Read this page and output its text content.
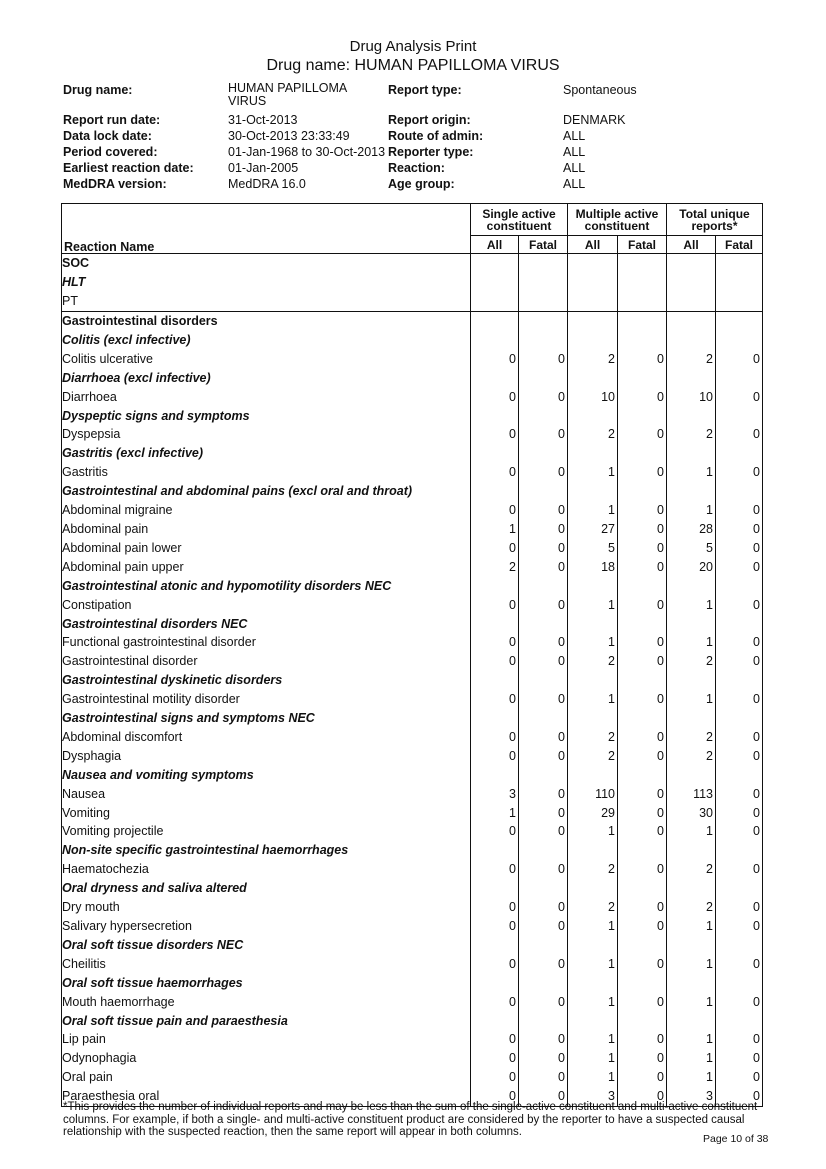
Drug Analysis Print
Drug name: HUMAN PAPILLOMA VIRUS
Drug name:	HUMAN PAPILLOMA VIRUS
Report type:	Spontaneous
Report run date:	31-Oct-2013	Report origin:	DENMARK
Data lock date:	30-Oct-2013 23:33:49	Route of admin:	ALL
Period covered:	01-Jan-1968 to 30-Oct-2013 Reporter type:	ALL
Earliest reaction date:	01-Jan-2005	Reaction:	ALL
MedDRA version:	MedDRA 16.0	Age group:	ALL
Reaction Name	Single active constituent		Multiple active constituent		Total unique reports*	
	All	Fatal	All	Fatal	All	Fatal
SOC						
HLT						
PT						
Gastrointestinal disorders						
Colitis (excl infective)						
Colitis ulcerative	0	0	2	0	2	0
Diarrhoea (excl infective)						
Diarrhoea	0	0	10	0	10	0
Dyspeptic signs and symptoms						
Dyspepsia	0	0	2	0	2	0
Gastritis (excl infective)						
Gastritis	0	0	1	0	1	0
Gastrointestinal and abdominal pains (excl oral and throat)						
Abdominal migraine	0	0	1	0	1	0
Abdominal pain	1	0	27	0	28	0
Abdominal pain lower	0	0	5	0	5	0
Abdominal pain upper	2	0	18	0	20	0
Gastrointestinal atonic and hypomotility disorders NEC						
Constipation	0	0	1	0	1	0
Gastrointestinal disorders NEC						
Functional gastrointestinal disorder	0	0	1	0	1	0
Gastrointestinal disorder	0	0	2	0	2	0
Gastrointestinal dyskinetic disorders						
Gastrointestinal motility disorder	0	0	1	0	1	0
Gastrointestinal signs and symptoms NEC						
Abdominal discomfort	0	0	2	0	2	0
Dysphagia	0	0	2	0	2	0
Nausea and vomiting symptoms						
Nausea	3	0	110	0	113	0
Vomiting	1	0	29	0	30	0
Vomiting projectile	0	0	1	0	1	0
Non-site specific gastrointestinal haemorrhages						
Haematochezia	0	0	2	0	2	0
Oral dryness and saliva altered						
Dry mouth	0	0	2	0	2	0
Salivary hypersecretion	0	0	1	0	1	0
Oral soft tissue disorders NEC						
Cheilitis	0	0	1	0	1	0
Oral soft tissue haemorrhages						
Mouth haemorrhage	0	0	1	0	1	0
Oral soft tissue pain and paraesthesia						
Lip pain	0	0	1	0	1	0
Odynophagia	0	0	1	0	1	0
Oral pain	0	0	1	0	1	0
Paraesthesia oral	0	0	3	0	3	0
*This provides the number of individual reports and may be less than the sum of the single-active constituent and multi-active constituent columns. For example, if both a single- and multi-active constituent product are considered by the reporter to have a suspected causal relationship with the suspected reaction, then the same report will appear in both columns.
Page 10 of 38
